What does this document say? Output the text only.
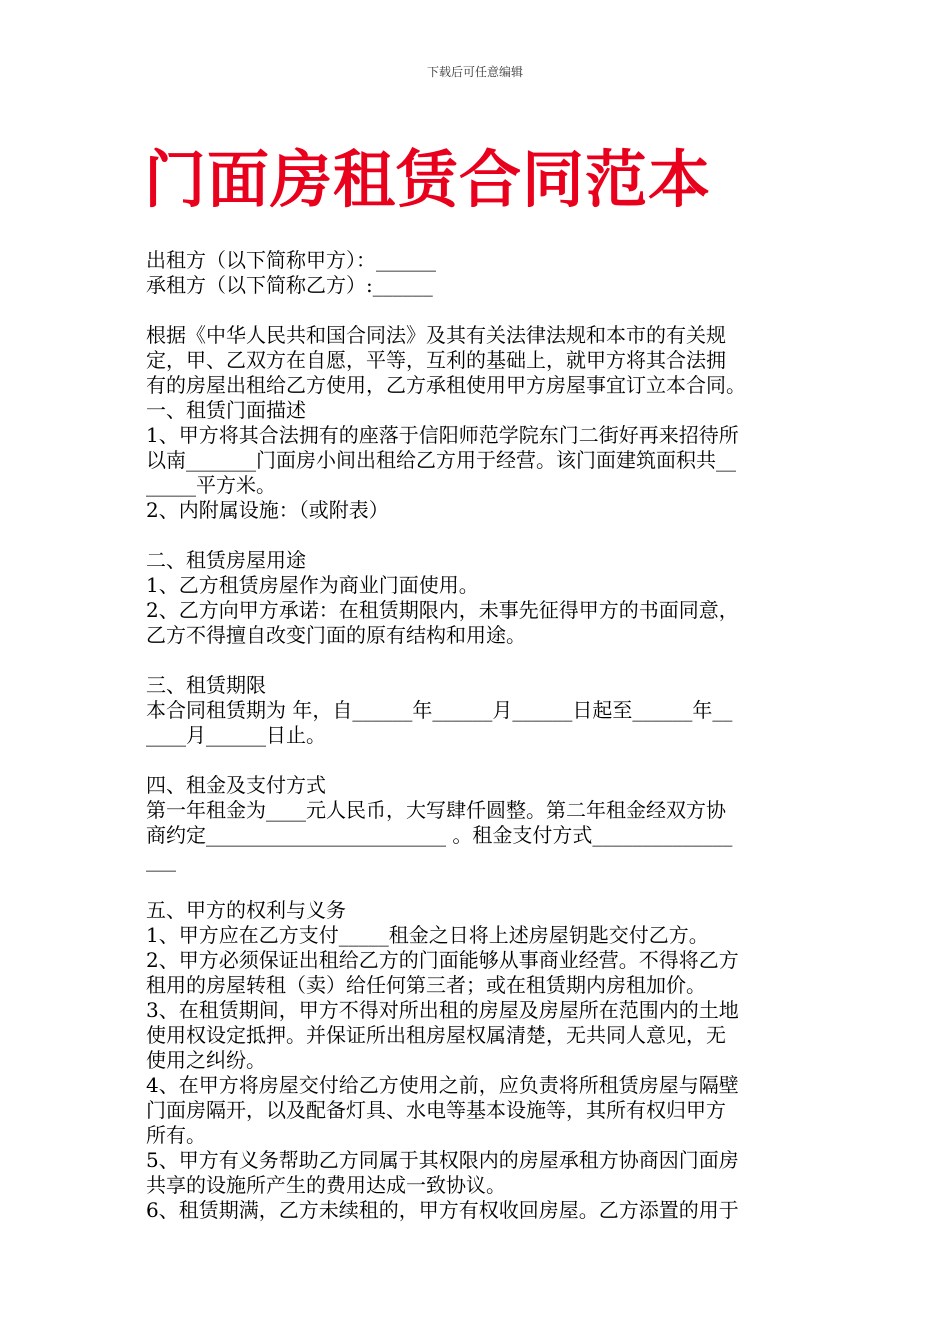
下载后可任意编辑
门面房租赁合同范本
出租方（以下简称甲方）：______
承租方（以下简称乙方）:______
根据《中华人民共和国合同法》及其有关法律法规和本市的有关规
定，甲、乙双方在自愿，平等，互利的基础上，就甲方将其合法拥
有的房屋出租给乙方使用，乙方承租使用甲方房屋事宜订立本合同。
一、租赁门面描述
1、甲方将其合法拥有的座落于信阳师范学院东门二街好再来招待所
以南_______门面房小间出租给乙方用于经营。该门面建筑面积共__
_____平方米。
2、内附属设施：（或附表）
二、租赁房屋用途
1、乙方租赁房屋作为商业门面使用。
2、乙方向甲方承诺：在租赁期限内，未事先征得甲方的书面同意，
乙方不得擅自改变门面的原有结构和用途。
三、租赁期限
本合同租赁期为 年，自______年______月______日起至______年__
____月______日止。
四、租金及支付方式
第一年租金为____元人民币，大写肆仟圆整。第二年租金经双方协
商约定________________________ 。租金支付方式______________
___
五、甲方的权利与义务
1、甲方应在乙方支付_____租金之日将上述房屋钥匙交付乙方。
2、甲方必须保证出租给乙方的门面能够从事商业经营。不得将乙方
租用的房屋转租（卖）给任何第三者；或在租赁期内房租加价。
3、在租赁期间，甲方不得对所出租的房屋及房屋所在范围内的土地
使用权设定抵押。并保证所出租房屋权属清楚，无共同人意见，无
使用之纠纷。
4、在甲方将房屋交付给乙方使用之前，应负责将所租赁房屋与隔壁
门面房隔开，以及配备灯具、水电等基本设施等，其所有权归甲方
所有。
5、甲方有义务帮助乙方同属于其权限内的房屋承租方协商因门面房
共享的设施所产生的费用达成一致协议。
6、租赁期满，乙方未续租的，甲方有权收回房屋。乙方添置的用于
